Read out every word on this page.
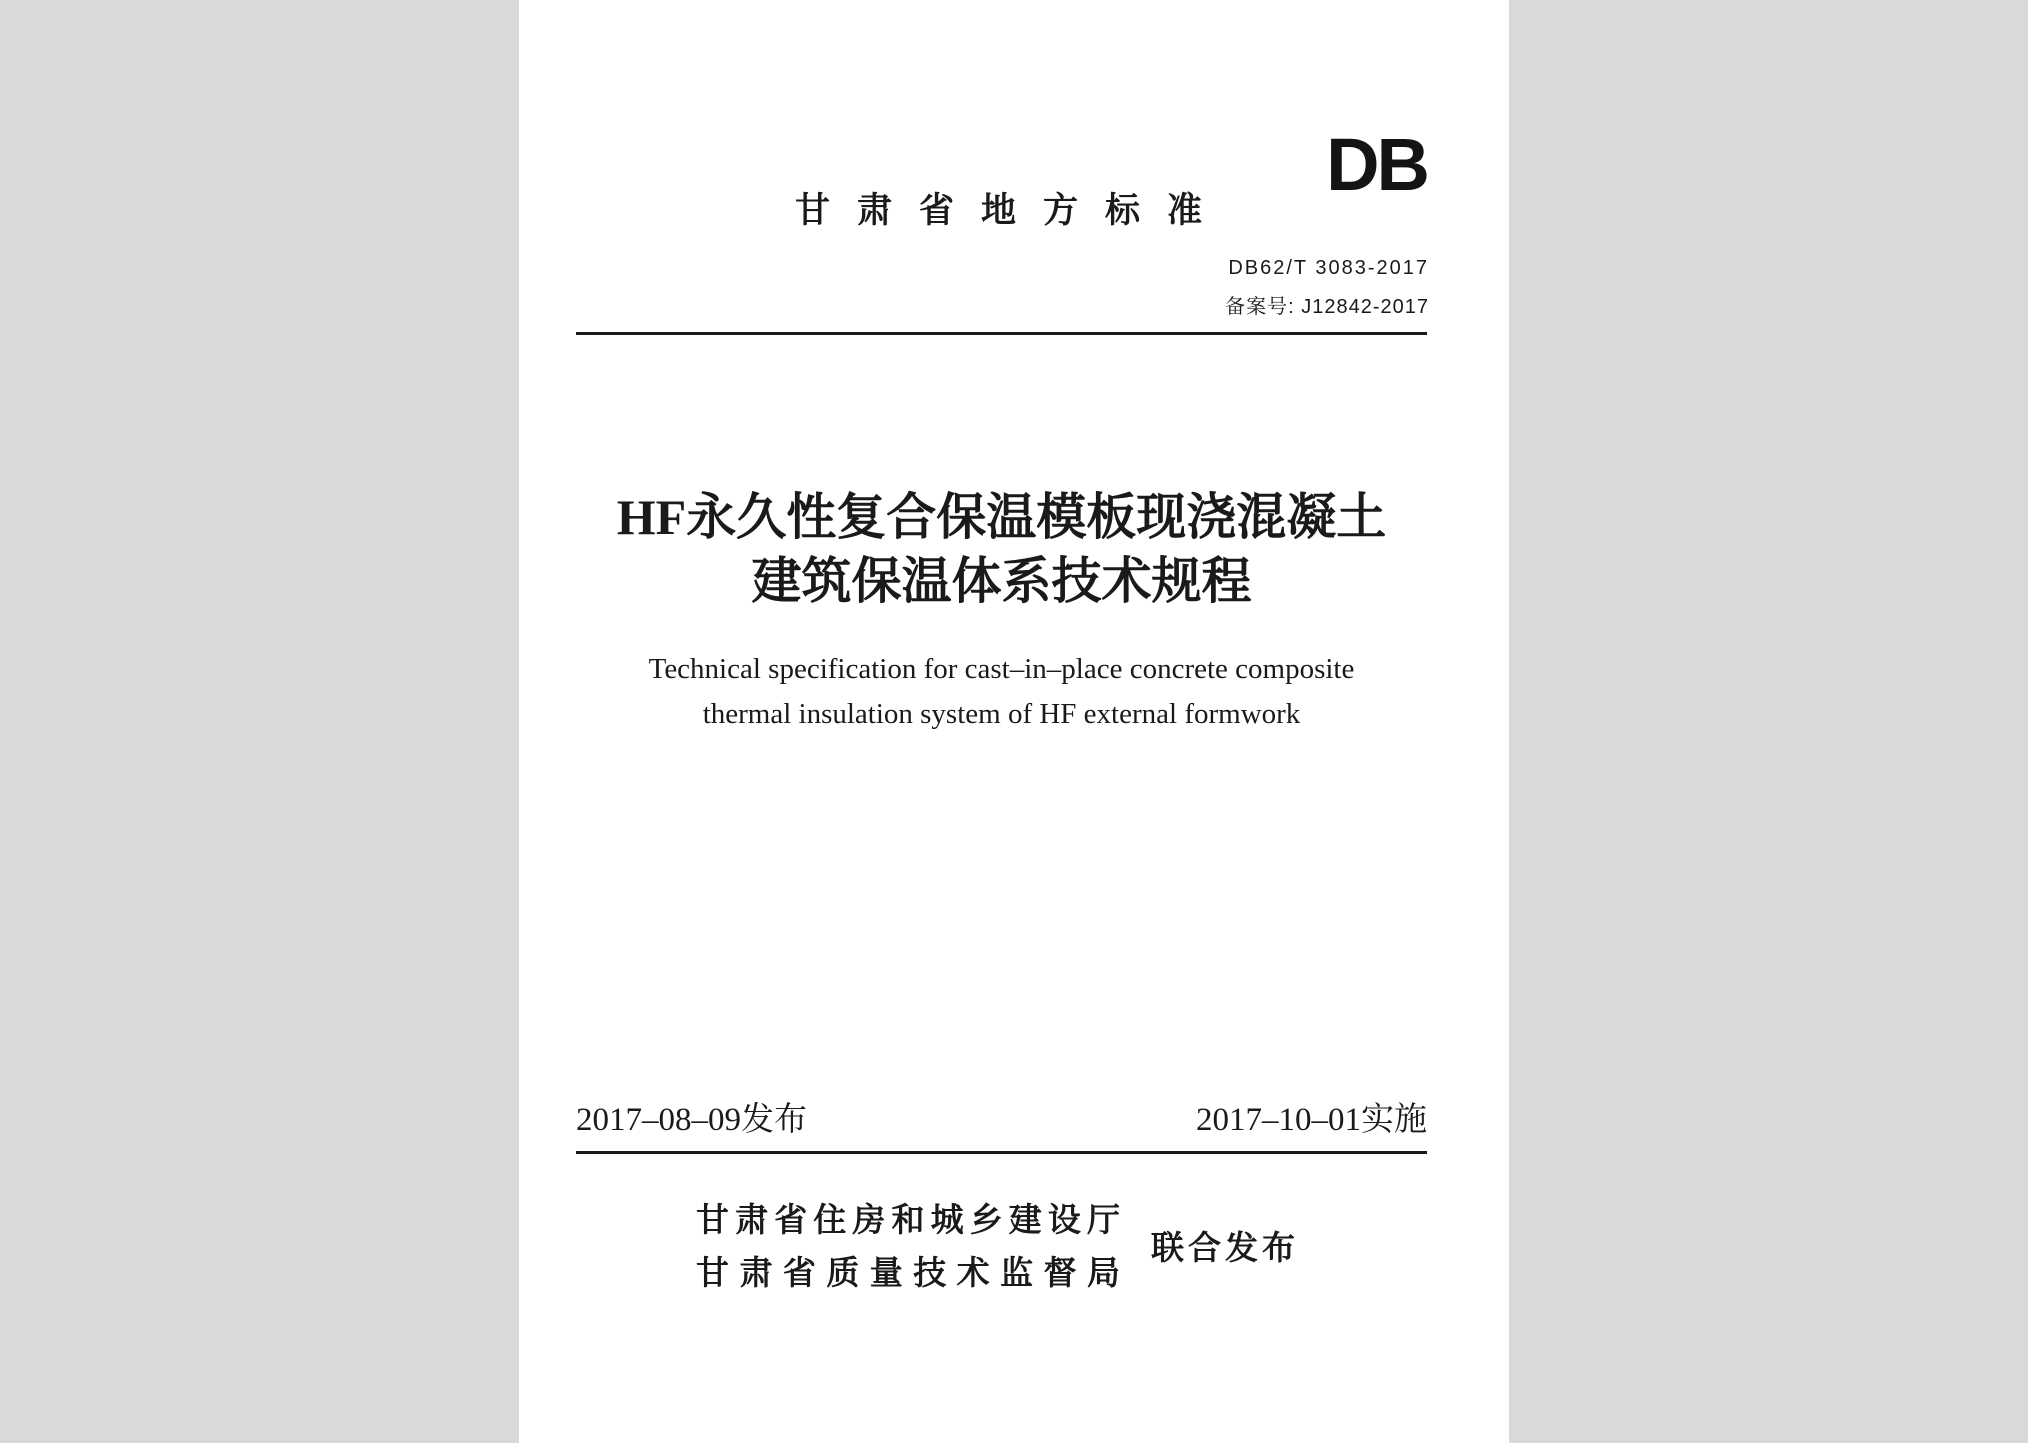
DB
甘肃省地方标准
DB62/T 3083-2017
备案号: J12842-2017
HF永久性复合保温模板现浇混凝土
建筑保温体系技术规程
Technical specification for cast–in–place concrete composite
thermal insulation system of HF external formwork
2017–08–09发布	2017–10–01实施
甘肃省住房和城乡建设厅
甘肃省质量技术监督局
联合发布
